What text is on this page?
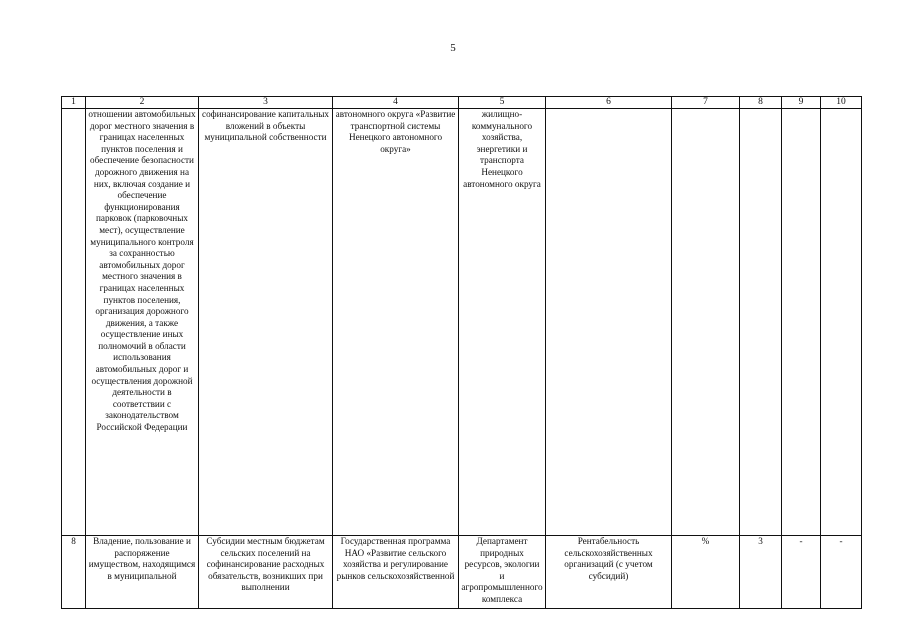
5
1	2	3	4	5	6	7	8	9	10
	отношении автомобильных дорог местного значения в границах населенных пунктов поселения и обеспечение безопасности дорожного движения на них, включая создание и обеспечение функционирования парковок (парковочных мест), осуществление муниципального контроля за сохранностью автомобильных дорог местного значения в границах населенных пунктов поселения, организация дорожного движения, а также осуществление иных полномочий в области использования автомобильных дорог и осуществления дорожной деятельности в соответствии с законодательством Российской Федерации	софинансирование капитальных вложений в объекты муниципальной собственности	автономного округа «Развитие транспортной системы Ненецкого автономного округа»	жилищно-коммунального хозяйства, энергетики и транспорта Ненецкого автономного округа					
8	Владение, пользование и распоряжение имуществом, находящимся в муниципальной	Субсидии местным бюджетам сельских поселений на софинансирование расходных обязательств, возникших при выполнении	Государственная программа НАО «Развитие сельского хозяйства и регулирование рынков сельскохозяйственной	Департамент природных ресурсов, экологии и агропромышленного комплекса	Рентабельность сельскохозяйственных организаций (с учетом субсидий)	%	3	-	-
